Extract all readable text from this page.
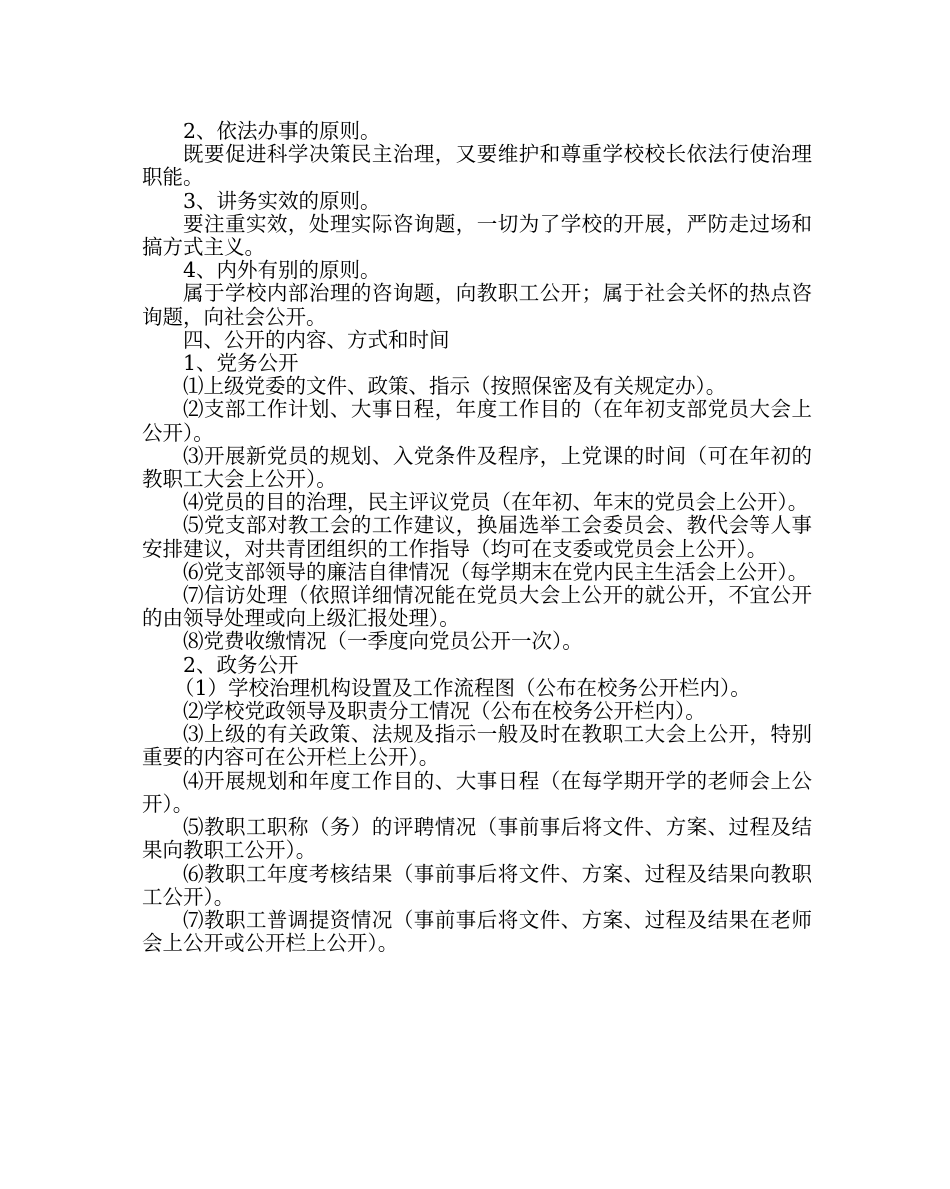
2、依法办事的原则。

既要促进科学决策民主治理，又要维护和尊重学校校长依法行使治理职能。

3、讲务实效的原则。

要注重实效，处理实际咨询题，一切为了学校的开展，严防走过场和搞方式主义。

4、内外有别的原则。

属于学校内部治理的咨询题，向教职工公开；属于社会关怀的热点咨询题，向社会公开。

四、公开的内容、方式和时间

1、党务公开

⑴上级党委的文件、政策、指示（按照保密及有关规定办）。

⑵支部工作计划、大事日程，年度工作目的（在年初支部党员大会上公开）。

⑶开展新党员的规划、入党条件及程序，上党课的时间（可在年初的教职工大会上公开）。

⑷党员的目的治理，民主评议党员（在年初、年末的党员会上公开）。

⑸党支部对教工会的工作建议，换届选举工会委员会、教代会等人事安排建议，对共青团组织的工作指导（均可在支委或党员会上公开）。

⑹党支部领导的廉洁自律情况（每学期末在党内民主生活会上公开）。

⑺信访处理（依照详细情况能在党员大会上公开的就公开，不宜公开的由领导处理或向上级汇报处理）。

⑻党费收缴情况（一季度向党员公开一次）。

2、政务公开

（1）学校治理机构设置及工作流程图（公布在校务公开栏内）。

⑵学校党政领导及职责分工情况（公布在校务公开栏内）。

⑶上级的有关政策、法规及指示一般及时在教职工大会上公开，特别重要的内容可在公开栏上公开）。

⑷开展规划和年度工作目的、大事日程（在每学期开学的老师会上公开）。

⑸教职工职称（务）的评聘情况（事前事后将文件、方案、过程及结果向教职工公开）。

⑹教职工年度考核结果（事前事后将文件、方案、过程及结果向教职工公开）。

⑺教职工普调提资情况（事前事后将文件、方案、过程及结果在老师会上公开或公开栏上公开）。
